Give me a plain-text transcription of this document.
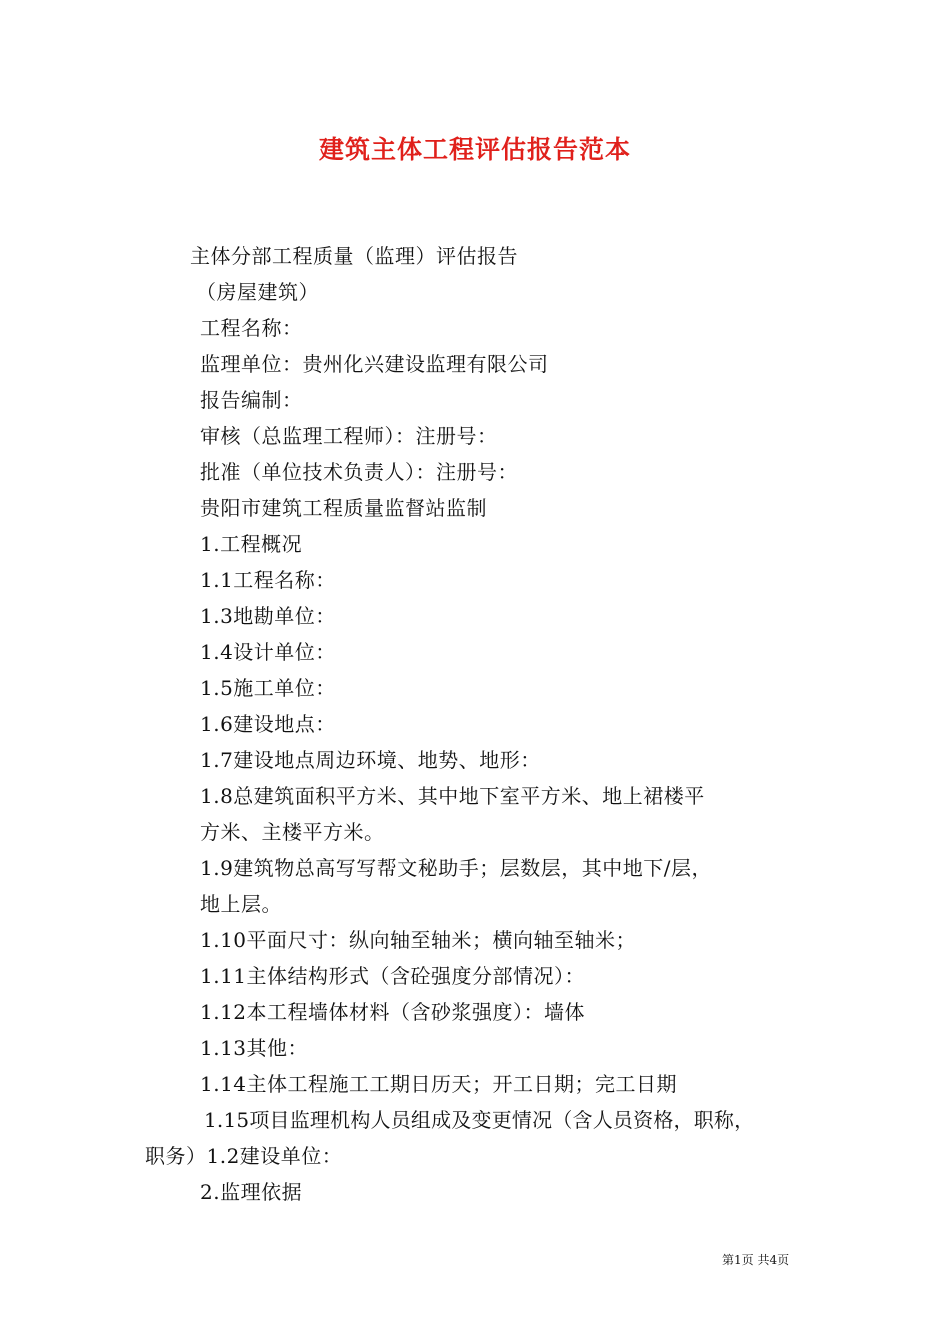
建筑主体工程评估报告范本
主体分部工程质量（监理）评估报告
（房屋建筑）
工程名称：
监理单位：贵州化兴建设监理有限公司
报告编制：
审核（总监理工程师）：注册号：
批准（单位技术负责人）：注册号：
贵阳市建筑工程质量监督站监制
1.工程概况
1.1工程名称：
1.3地勘单位：
1.4设计单位：
1.5施工单位：
1.6建设地点：
1.7建设地点周边环境、地势、地形：
1.8总建筑面积平方米、其中地下室平方米、地上裙楼平
方米、主楼平方米。
1.9建筑物总高写写帮文秘助手；层数层，其中地下/层，
地上层。
1.10平面尺寸：纵向轴至轴米；横向轴至轴米；
1.11主体结构形式（含砼强度分部情况）：
1.12本工程墙体材料（含砂浆强度）：墙体
1.13其他：
1.14主体工程施工工期日历天；开工日期；完工日期
1.15项目监理机构人员组成及变更情况（含人员资格，职称，
职务）1.2建设单位：
2.监理依据
第1页 共4页
